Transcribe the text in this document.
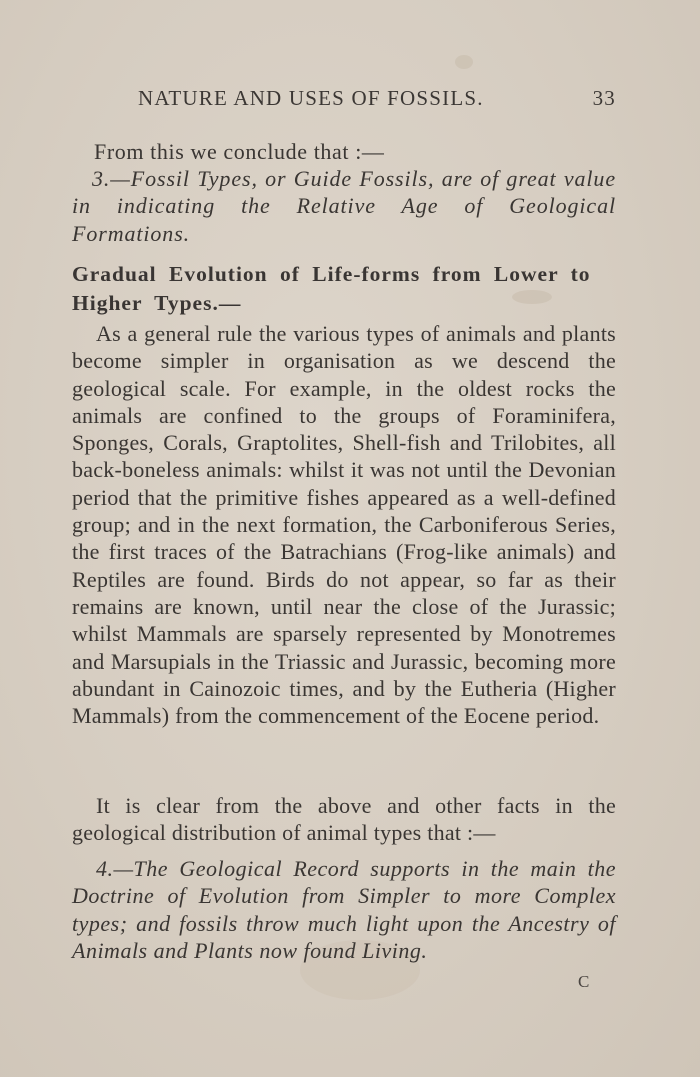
NATURE AND USES OF FOSSILS.	33
From this we conclude that :—
3.—Fossil Types, or Guide Fossils, are of great value in indicating the Relative Age of Geological Formations.
Gradual Evolution of Life-forms from Lower to Higher Types.—
As a general rule the various types of animals and plants become simpler in organisation as we descend the geological scale. For example, in the oldest rocks the animals are confined to the groups of Foraminifera, Sponges, Corals, Graptolites, Shell-fish and Trilobites, all back-boneless animals: whilst it was not until the Devonian period that the primitive fishes appeared as a well-defined group; and in the next formation, the Carboniferous Series, the first traces of the Batrachians (Frog-like animals) and Reptiles are found. Birds do not appear, so far as their remains are known, until near the close of the Jurassic; whilst Mammals are sparsely represented by Monotremes and Marsupials in the Triassic and Jurassic, becoming more abundant in Cainozoic times, and by the Eutheria (Higher Mammals) from the commencement of the Eocene period.
It is clear from the above and other facts in the geological distribution of animal types that :—
4.—The Geological Record supports in the main the Doctrine of Evolution from Simpler to more Complex types; and fossils throw much light upon the Ancestry of Animals and Plants now found Living.
C
